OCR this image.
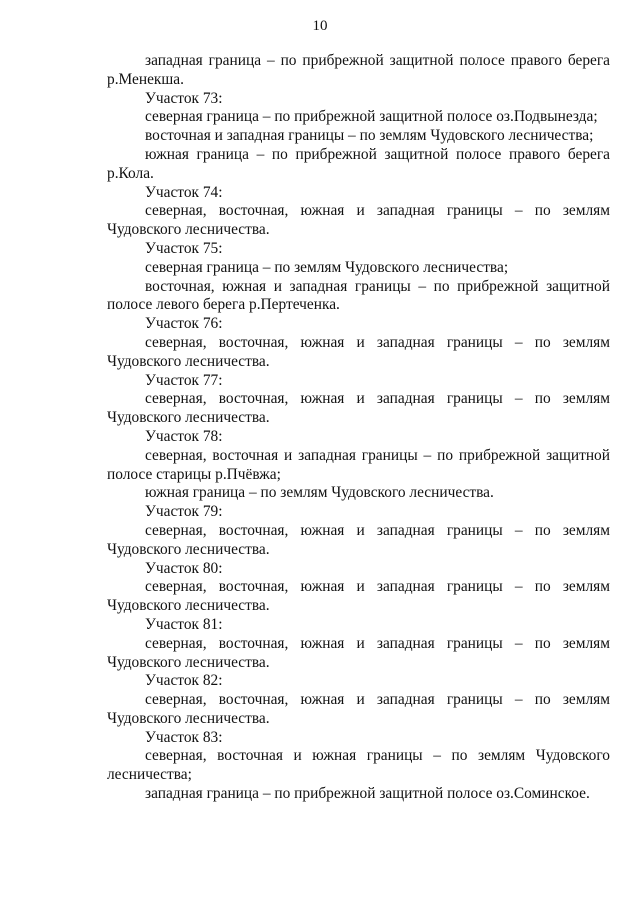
10

западная граница – по прибрежной защитной полосе правого берега р.Менекша.

Участок 73:

северная граница – по прибрежной защитной полосе оз.Подвынезда;

восточная и западная границы – по землям Чудовского лесничества;

южная граница – по прибрежной защитной полосе правого берега р.Кола.

Участок 74:

северная, восточная, южная и западная границы – по землям Чудовского лесничества.

Участок 75:

северная граница – по землям Чудовского лесничества;

восточная, южная и западная границы – по прибрежной защитной полосе левого берега р.Пертеченка.

Участок 76:

северная, восточная, южная и западная границы – по землям Чудовского лесничества.

Участок 77:

северная, восточная, южная и западная границы – по землям Чудовского лесничества.

Участок 78:

северная, восточная и западная границы – по прибрежной защитной полосе старицы р.Пчёвжа;

южная граница – по землям Чудовского лесничества.

Участок 79:

северная, восточная, южная и западная границы – по землям Чудовского лесничества.

Участок 80:

северная, восточная, южная и западная границы – по землям Чудовского лесничества.

Участок 81:

северная, восточная, южная и западная границы – по землям Чудовского лесничества.

Участок 82:

северная, восточная, южная и западная границы – по землям Чудовского лесничества.

Участок 83:

северная, восточная и южная границы – по землям Чудовского лесничества;

западная граница – по прибрежной защитной полосе оз.Соминское.
